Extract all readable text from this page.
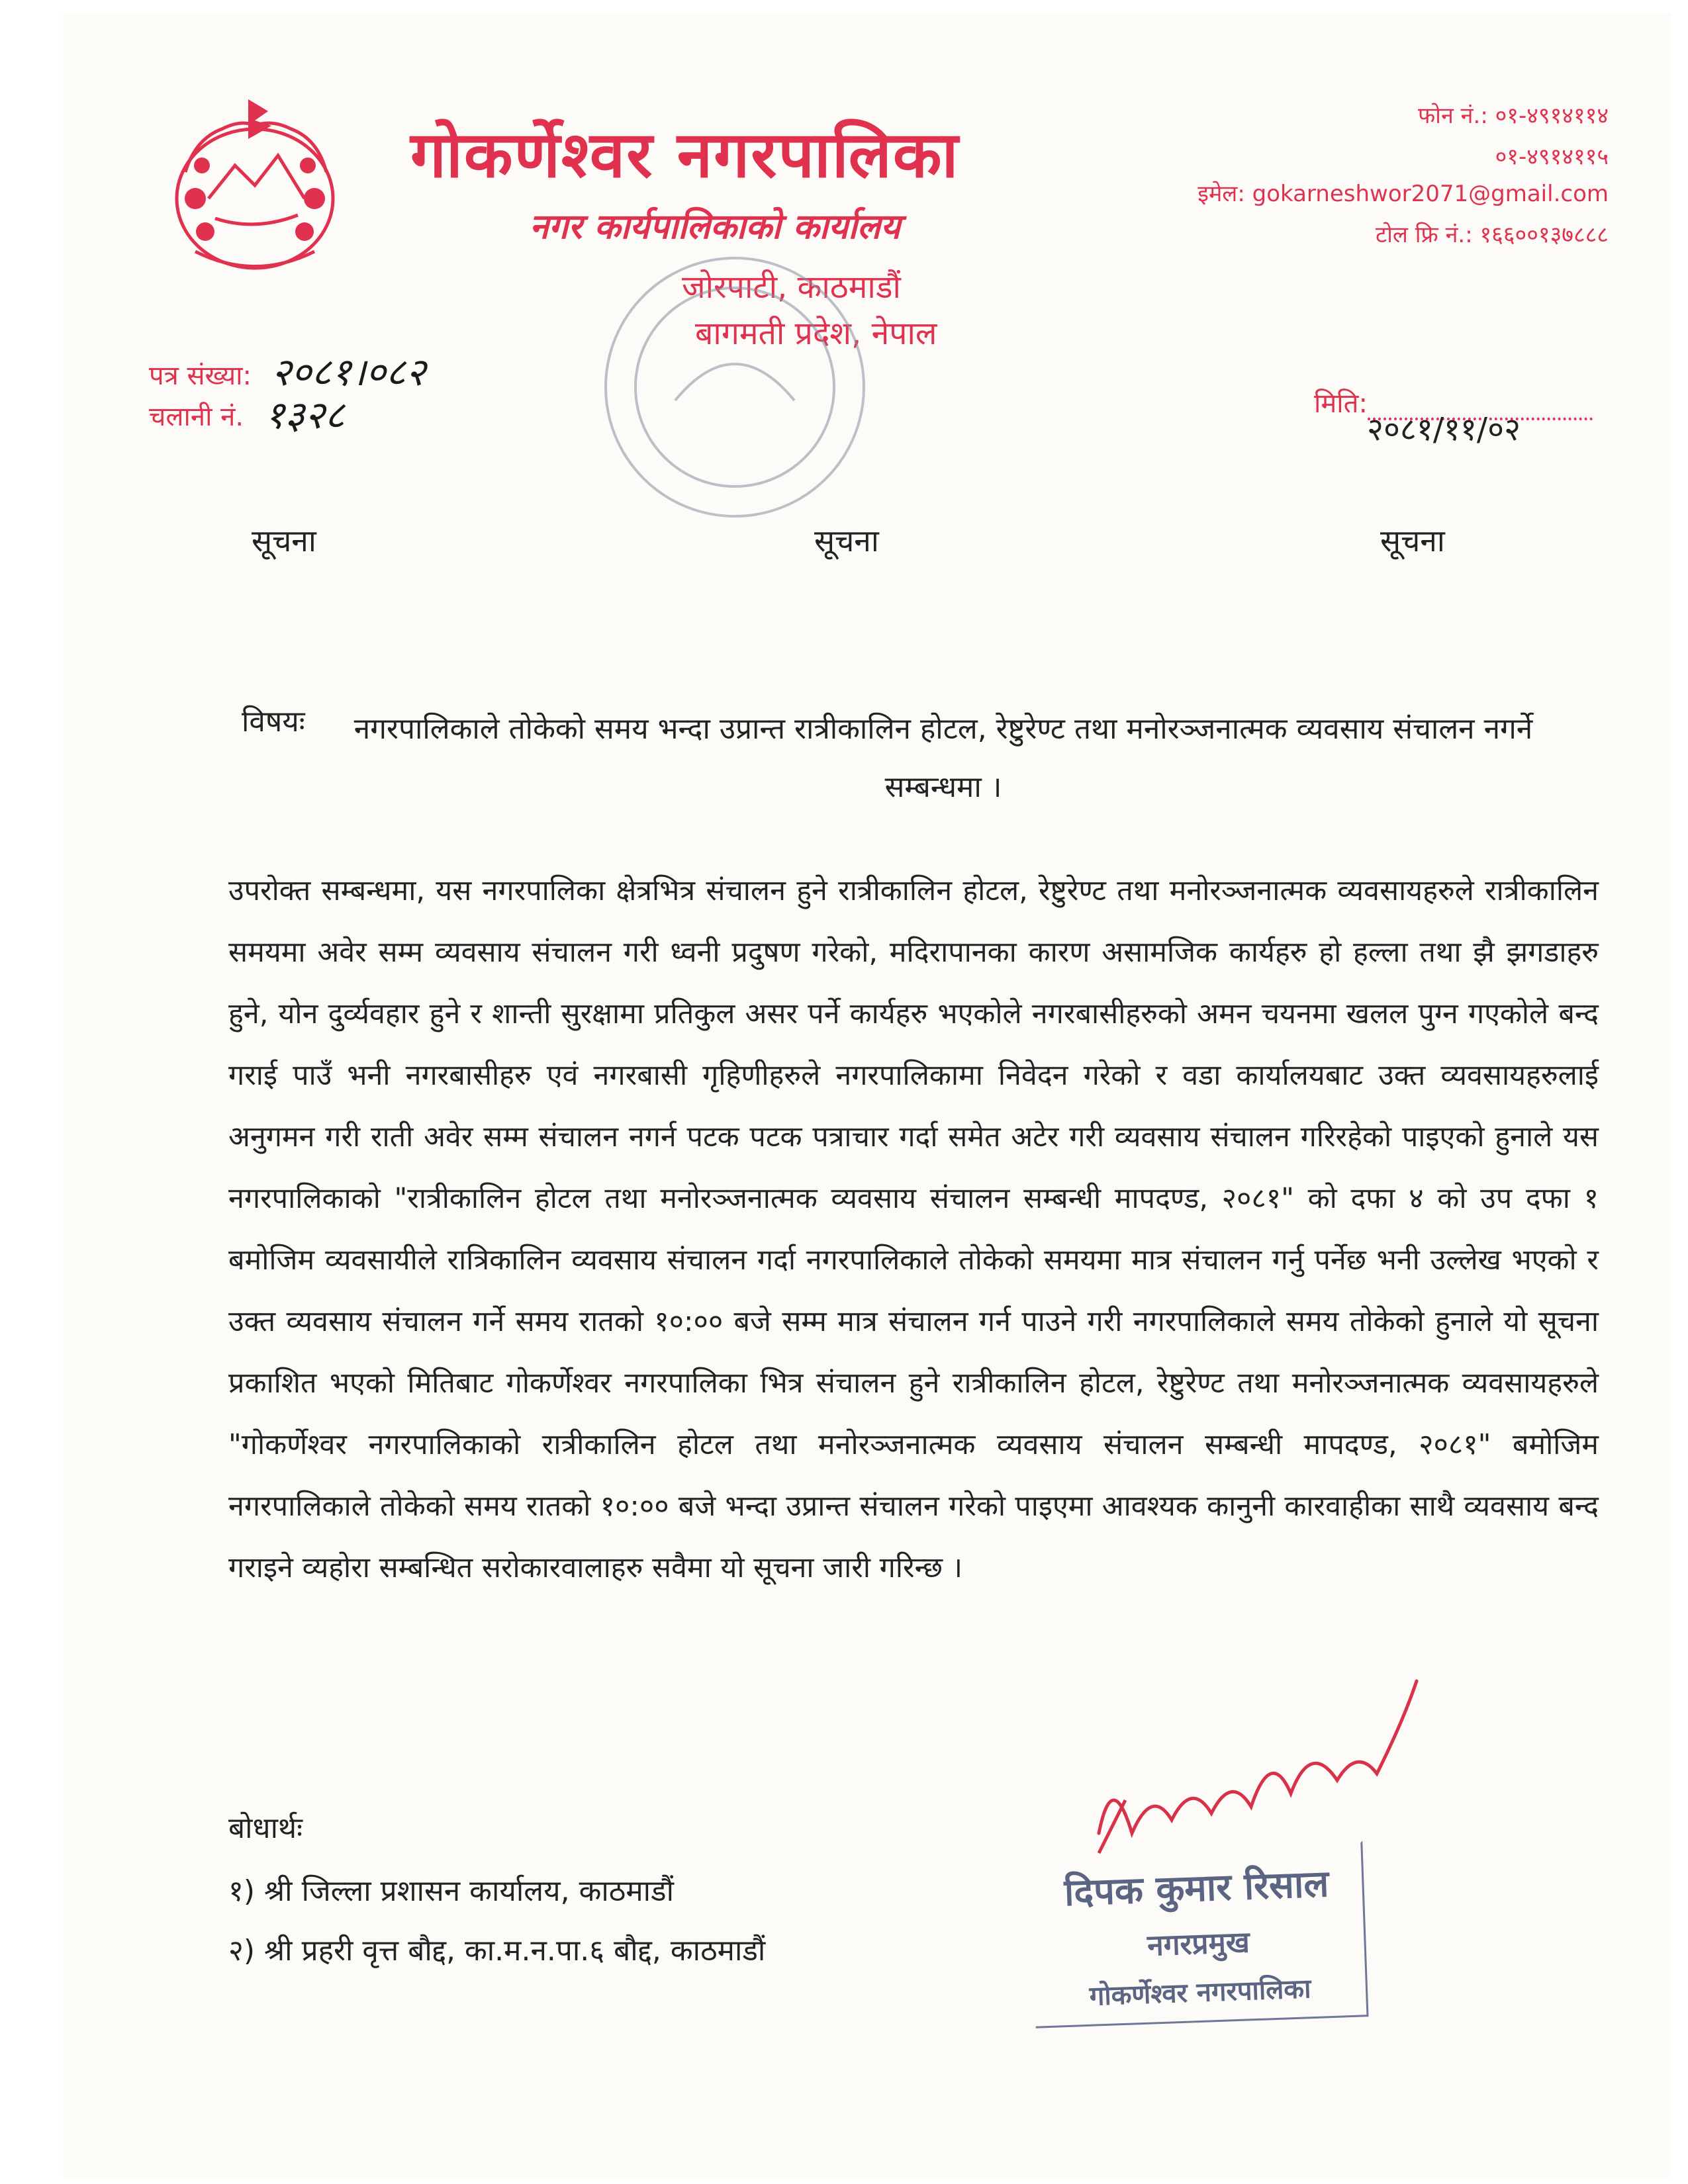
गोकर्णेश्वर नगरपालिका
नगर कार्यपालिकाको कार्यालय
जोरपाटी, काठमाडौं
बागमती प्रदेश, नेपाल
फोन नं.: ०१-४९१४११४
०१-४९१४११५
इमेल: gokarneshwor2071@gmail.com
टोल फ्रि नं.: १६६००१३७८८८
पत्र संख्या: २०८१।०८२
चलानी नं. १३२८	मिति:
२०८१/११/०२
सूचना	सूचना	सूचना
विषयः नगरपालिकाले तोकेको समय भन्दा उप्रान्त रात्रीकालिन होटल, रेष्टुरेण्ट तथा मनोरञ्जनात्मक व्यवसाय संचालन नगर्ने सम्बन्धमा ।
उपरोक्त सम्बन्धमा, यस नगरपालिका क्षेत्रभित्र संचालन हुने रात्रीकालिन होटल, रेष्टुरेण्ट तथा मनोरञ्जनात्मक व्यवसायहरुले रात्रीकालिन समयमा अवेर सम्म व्यवसाय संचालन गरी ध्वनी प्रदुषण गरेको, मदिरापानका कारण असामजिक कार्यहरु हो हल्ला तथा झै झगडाहरु हुने, योन दुर्व्यवहार हुने र शान्ती सुरक्षामा प्रतिकुल असर पर्ने कार्यहरु भएकोले नगरबासीहरुको अमन चयनमा खलल पुग्न गएकोले बन्द गराई पाउँ भनी नगरबासीहरु एवं नगरबासी गृहिणीहरुले नगरपालिकामा निवेदन गरेको र वडा कार्यालयबाट उक्त व्यवसायहरुलाई अनुगमन गरी राती अवेर सम्म संचालन नगर्न पटक पटक पत्राचार गर्दा समेत अटेर गरी व्यवसाय संचालन गरिरहेको पाइएको हुनाले यस नगरपालिकाको "रात्रीकालिन होटल तथा मनोरञ्जनात्मक व्यवसाय संचालन सम्बन्धी मापदण्ड, २०८१" को दफा ४ को उप दफा १ बमोजिम व्यवसायीले रात्रिकालिन व्यवसाय संचालन गर्दा नगरपालिकाले तोकेको समयमा मात्र संचालन गर्नु पर्नेछ भनी उल्लेख भएको र उक्त व्यवसाय संचालन गर्ने समय रातको १०:०० बजे सम्म मात्र संचालन गर्न पाउने गरी नगरपालिकाले समय तोकेको हुनाले यो सूचना प्रकाशित भएको मितिबाट गोकर्णेश्वर नगरपालिका भित्र संचालन हुने रात्रीकालिन होटल, रेष्टुरेण्ट तथा मनोरञ्जनात्मक व्यवसायहरुले "गोकर्णेश्वर नगरपालिकाको रात्रीकालिन होटल तथा मनोरञ्जनात्मक व्यवसाय संचालन सम्बन्धी मापदण्ड, २०८१" बमोजिम नगरपालिकाले तोकेको समय रातको १०:०० बजे भन्दा उप्रान्त संचालन गरेको पाइएमा आवश्यक कानुनी कारवाहीका साथै व्यवसाय बन्द गराइने व्यहोरा सम्बन्धित सरोकारवालाहरु सवैमा यो सूचना जारी गरिन्छ ।
बोधार्थः
१) श्री जिल्ला प्रशासन कार्यालय, काठमाडौं
२) श्री प्रहरी वृत्त बौद्द, का.म.न.पा.६ बौद्द, काठमाडौं
दिपक कुमार रिसाल
नगरप्रमुख
गोकर्णेश्वर नगरपालिका
